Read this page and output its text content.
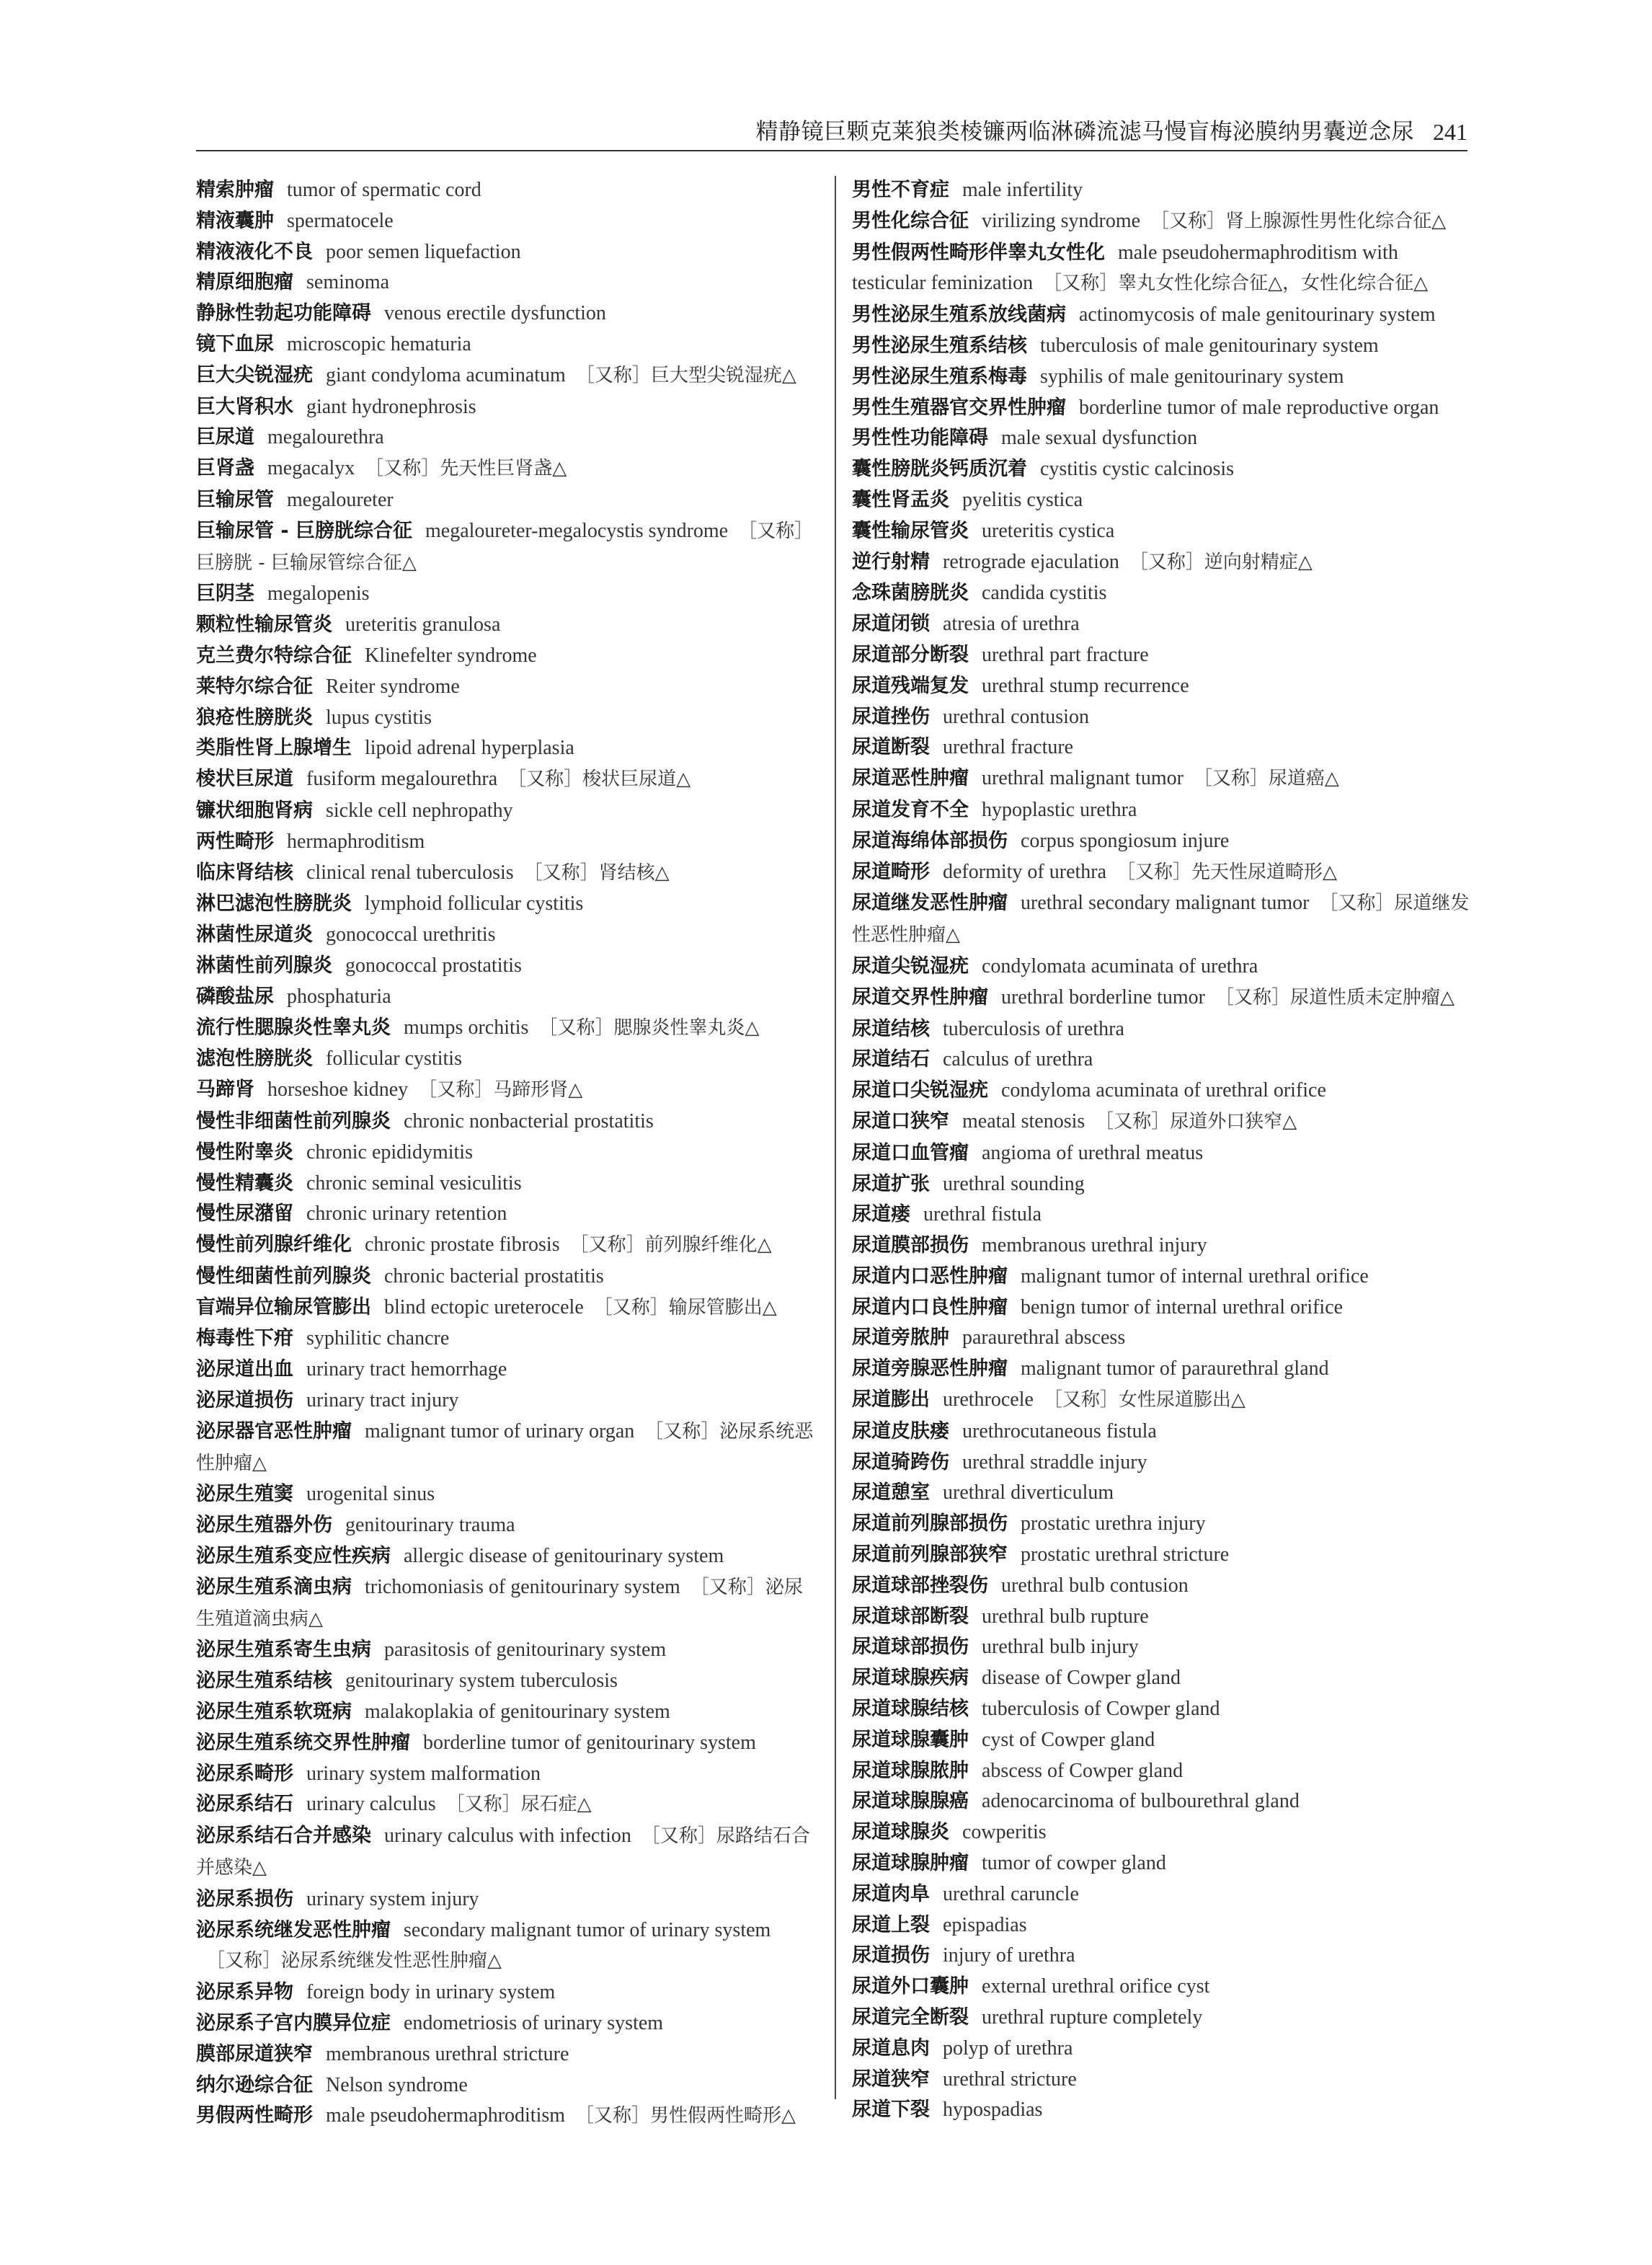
精静镜巨颗克莱狼类棱镰两临淋磷流滤马慢盲梅泌膜纳男囊逆念尿 241
精索肿瘤 tumor of spermatic cord
精液囊肿 spermatocele
精液液化不良 poor semen liquefaction
精原细胞瘤 seminoma
静脉性勃起功能障碍 venous erectile dysfunction
镜下血尿 microscopic hematuria
巨大尖锐湿疣 giant condyloma acuminatum ［又称］巨大型尖锐湿疣△
巨大肾积水 giant hydronephrosis
巨尿道 megalourethra
巨肾盏 megacalyx ［又称］先天性巨肾盏△
巨输尿管 megaloureter
巨输尿管 - 巨膀胱综合征 megaloureter-megalocystis syndrome ［又称］巨膀胱 - 巨输尿管综合征△
巨阴茎 megalopenis
颗粒性输尿管炎 ureteritis granulosa
克兰费尔特综合征 Klinefelter syndrome
莱特尔综合征 Reiter syndrome
狼疮性膀胱炎 lupus cystitis
类脂性肾上腺增生 lipoid adrenal hyperplasia
棱状巨尿道 fusiform megalourethra ［又称］梭状巨尿道△
镰状细胞肾病 sickle cell nephropathy
两性畸形 hermaphroditism
临床肾结核 clinical renal tuberculosis ［又称］肾结核△
淋巴滤泡性膀胱炎 lymphoid follicular cystitis
淋菌性尿道炎 gonococcal urethritis
淋菌性前列腺炎 gonococcal prostatitis
磷酸盐尿 phosphaturia
流行性腮腺炎性睾丸炎 mumps orchitis ［又称］腮腺炎性睾丸炎△
滤泡性膀胱炎 follicular cystitis
马蹄肾 horseshoe kidney ［又称］马蹄形肾△
慢性非细菌性前列腺炎 chronic nonbacterial prostatitis
慢性附睾炎 chronic epididymitis
慢性精囊炎 chronic seminal vesiculitis
慢性尿潴留 chronic urinary retention
慢性前列腺纤维化 chronic prostate fibrosis ［又称］前列腺纤维化△
慢性细菌性前列腺炎 chronic bacterial prostatitis
盲端异位输尿管膨出 blind ectopic ureterocele ［又称］输尿管膨出△
梅毒性下疳 syphilitic chancre
泌尿道出血 urinary tract hemorrhage
泌尿道损伤 urinary tract injury
泌尿器官恶性肿瘤 malignant tumor of urinary organ ［又称］泌尿系统恶性肿瘤△
泌尿生殖窦 urogenital sinus
泌尿生殖器外伤 genitourinary trauma
泌尿生殖系变应性疾病 allergic disease of genitourinary system
泌尿生殖系滴虫病 trichomoniasis of genitourinary system ［又称］泌尿生殖道滴虫病△
泌尿生殖系寄生虫病 parasitosis of genitourinary system
泌尿生殖系结核 genitourinary system tuberculosis
泌尿生殖系软斑病 malakoplakia of genitourinary system
泌尿生殖系统交界性肿瘤 borderline tumor of genitourinary system
泌尿系畸形 urinary system malformation
泌尿系结石 urinary calculus ［又称］尿石症△
泌尿系结石合并感染 urinary calculus with infection ［又称］尿路结石合并感染△
泌尿系损伤 urinary system injury
泌尿系统继发恶性肿瘤 secondary malignant tumor of urinary system［又称］泌尿系统继发性恶性肿瘤△
泌尿系异物 foreign body in urinary system
泌尿系子宫内膜异位症 endometriosis of urinary system
膜部尿道狭窄 membranous urethral stricture
纳尔逊综合征 Nelson syndrome
男假两性畸形 male pseudohermaphroditism ［又称］男性假两性畸形△
男性不育症 male infertility
男性化综合征 virilizing syndrome ［又称］肾上腺源性男性化综合征△
男性假两性畸形伴睾丸女性化 male pseudohermaphroditism with testicular feminization ［又称］睾丸女性化综合征△，女性化综合征△
男性泌尿生殖系放线菌病 actinomycosis of male genitourinary system
男性泌尿生殖系结核 tuberculosis of male genitourinary system
男性泌尿生殖系梅毒 syphilis of male genitourinary system
男性生殖器官交界性肿瘤 borderline tumor of male reproductive organ
男性性功能障碍 male sexual dysfunction
囊性膀胱炎钙质沉着 cystitis cystic calcinosis
囊性肾盂炎 pyelitis cystica
囊性输尿管炎 ureteritis cystica
逆行射精 retrograde ejaculation ［又称］逆向射精症△
念珠菌膀胱炎 candida cystitis
尿道闭锁 atresia of urethra
尿道部分断裂 urethral part fracture
尿道残端复发 urethral stump recurrence
尿道挫伤 urethral contusion
尿道断裂 urethral fracture
尿道恶性肿瘤 urethral malignant tumor ［又称］尿道癌△
尿道发育不全 hypoplastic urethra
尿道海绵体部损伤 corpus spongiosum injure
尿道畸形 deformity of urethra ［又称］先天性尿道畸形△
尿道继发恶性肿瘤 urethral secondary malignant tumor ［又称］尿道继发性恶性肿瘤△
尿道尖锐湿疣 condylomata acuminata of urethra
尿道交界性肿瘤 urethral borderline tumor ［又称］尿道性质未定肿瘤△
尿道结核 tuberculosis of urethra
尿道结石 calculus of urethra
尿道口尖锐湿疣 condyloma acuminata of urethral orifice
尿道口狭窄 meatal stenosis ［又称］尿道外口狭窄△
尿道口血管瘤 angioma of urethral meatus
尿道扩张 urethral sounding
尿道瘘 urethral fistula
尿道膜部损伤 membranous urethral injury
尿道内口恶性肿瘤 malignant tumor of internal urethral orifice
尿道内口良性肿瘤 benign tumor of internal urethral orifice
尿道旁脓肿 paraurethral abscess
尿道旁腺恶性肿瘤 malignant tumor of paraurethral gland
尿道膨出 urethrocele ［又称］女性尿道膨出△
尿道皮肤瘘 urethrocutaneous fistula
尿道骑跨伤 urethral straddle injury
尿道憩室 urethral diverticulum
尿道前列腺部损伤 prostatic urethra injury
尿道前列腺部狭窄 prostatic urethral stricture
尿道球部挫裂伤 urethral bulb contusion
尿道球部断裂 urethral bulb rupture
尿道球部损伤 urethral bulb injury
尿道球腺疾病 disease of Cowper gland
尿道球腺结核 tuberculosis of Cowper gland
尿道球腺囊肿 cyst of Cowper gland
尿道球腺脓肿 abscess of Cowper gland
尿道球腺腺癌 adenocarcinoma of bulbourethral gland
尿道球腺炎 cowperitis
尿道球腺肿瘤 tumor of cowper gland
尿道肉阜 urethral caruncle
尿道上裂 epispadias
尿道损伤 injury of urethra
尿道外口囊肿 external urethral orifice cyst
尿道完全断裂 urethral rupture completely
尿道息肉 polyp of urethra
尿道狭窄 urethral stricture
尿道下裂 hypospadias
